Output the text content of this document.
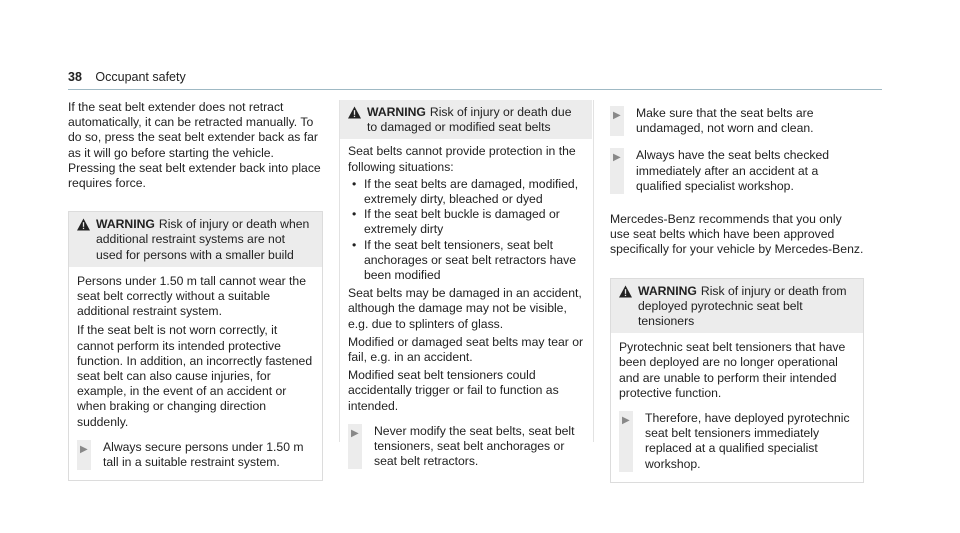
38 Occupant safety

If the seat belt extender does not retract automatically, it can be retracted manually. To do so, press the seat belt extender back as far as it will go before starting the vehicle. Pressing the seat belt extender back into place requires force.

WARNING Risk of injury or death when additional restraint systems are not used for persons with a smaller build

Persons under 1.50 m tall cannot wear the seat belt correctly without a suitable additional restraint system.

If the seat belt is not worn correctly, it cannot perform its intended protective function. In addition, an incorrectly fastened seat belt can also cause injuries, for example, in the event of an accident or when braking or changing direction suddenly.

▶ Always secure persons under 1.50 m tall in a suitable restraint system.
WARNING Risk of injury or death due to damaged or modified seat belts

Seat belts cannot provide protection in the following situations:

• If the seat belts are damaged, modified, extremely dirty, bleached or dyed
• If the seat belt buckle is damaged or extremely dirty
• If the seat belt tensioners, seat belt anchorages or seat belt retractors have been modified

Seat belts may be damaged in an accident, although the damage may not be visible, e.g. due to splinters of glass.

Modified or damaged seat belts may tear or fail, e.g. in an accident.

Modified seat belt tensioners could accidentally trigger or fail to function as intended.

▶ Never modify the seat belts, seat belt tensioners, seat belt anchorages or seat belt retractors.
▶ Make sure that the seat belts are undamaged, not worn and clean.
▶ Always have the seat belts checked immediately after an accident at a qualified specialist workshop.

Mercedes-Benz recommends that you only use seat belts which have been approved specifically for your vehicle by Mercedes-Benz.

WARNING Risk of injury or death from deployed pyrotechnic seat belt tensioners

Pyrotechnic seat belt tensioners that have been deployed are no longer operational and are unable to perform their intended protective function.

▶ Therefore, have deployed pyrotechnic seat belt tensioners immediately replaced at a qualified specialist workshop.
